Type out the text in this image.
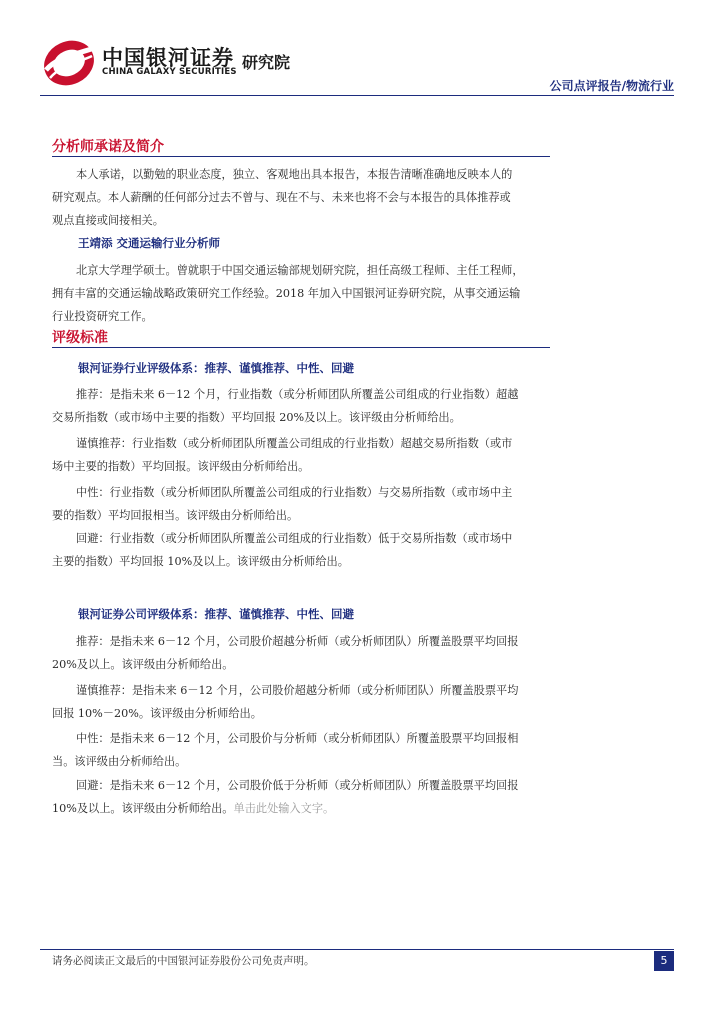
中国银河证券
CHINA GALAXY SECURITIES 研究院
公司点评报告/物流行业
分析师承诺及简介
本人承诺，以勤勉的职业态度，独立、客观地出具本报告，本报告清晰准确地反映本人的
研究观点。本人薪酬的任何部分过去不曾与、现在不与、未来也将不会与本报告的具体推荐或
观点直接或间接相关。
王靖添 交通运输行业分析师
北京大学理学硕士。曾就职于中国交通运输部规划研究院，担任高级工程师、主任工程师，
拥有丰富的交通运输战略政策研究工作经验。2018 年加入中国银河证券研究院，从事交通运输
行业投资研究工作。
评级标准
银河证券行业评级体系：推荐、谨慎推荐、中性、回避
推荐：是指未来 6－12 个月，行业指数（或分析师团队所覆盖公司组成的行业指数）超越
交易所指数（或市场中主要的指数）平均回报 20%及以上。该评级由分析师给出。
谨慎推荐：行业指数（或分析师团队所覆盖公司组成的行业指数）超越交易所指数（或市
场中主要的指数）平均回报。该评级由分析师给出。
中性：行业指数（或分析师团队所覆盖公司组成的行业指数）与交易所指数（或市场中主
要的指数）平均回报相当。该评级由分析师给出。
回避：行业指数（或分析师团队所覆盖公司组成的行业指数）低于交易所指数（或市场中
主要的指数）平均回报 10%及以上。该评级由分析师给出。
银河证券公司评级体系：推荐、谨慎推荐、中性、回避
推荐：是指未来 6－12 个月，公司股价超越分析师（或分析师团队）所覆盖股票平均回报
20%及以上。该评级由分析师给出。
谨慎推荐：是指未来 6－12 个月，公司股价超越分析师（或分析师团队）所覆盖股票平均
回报 10%－20%。该评级由分析师给出。
中性：是指未来 6－12 个月，公司股价与分析师（或分析师团队）所覆盖股票平均回报相
当。该评级由分析师给出。
回避：是指未来 6－12 个月，公司股价低于分析师（或分析师团队）所覆盖股票平均回报
10%及以上。该评级由分析师给出。单击此处输入文字。
请务必阅读正文最后的中国银河证券股份公司免责声明。	5
